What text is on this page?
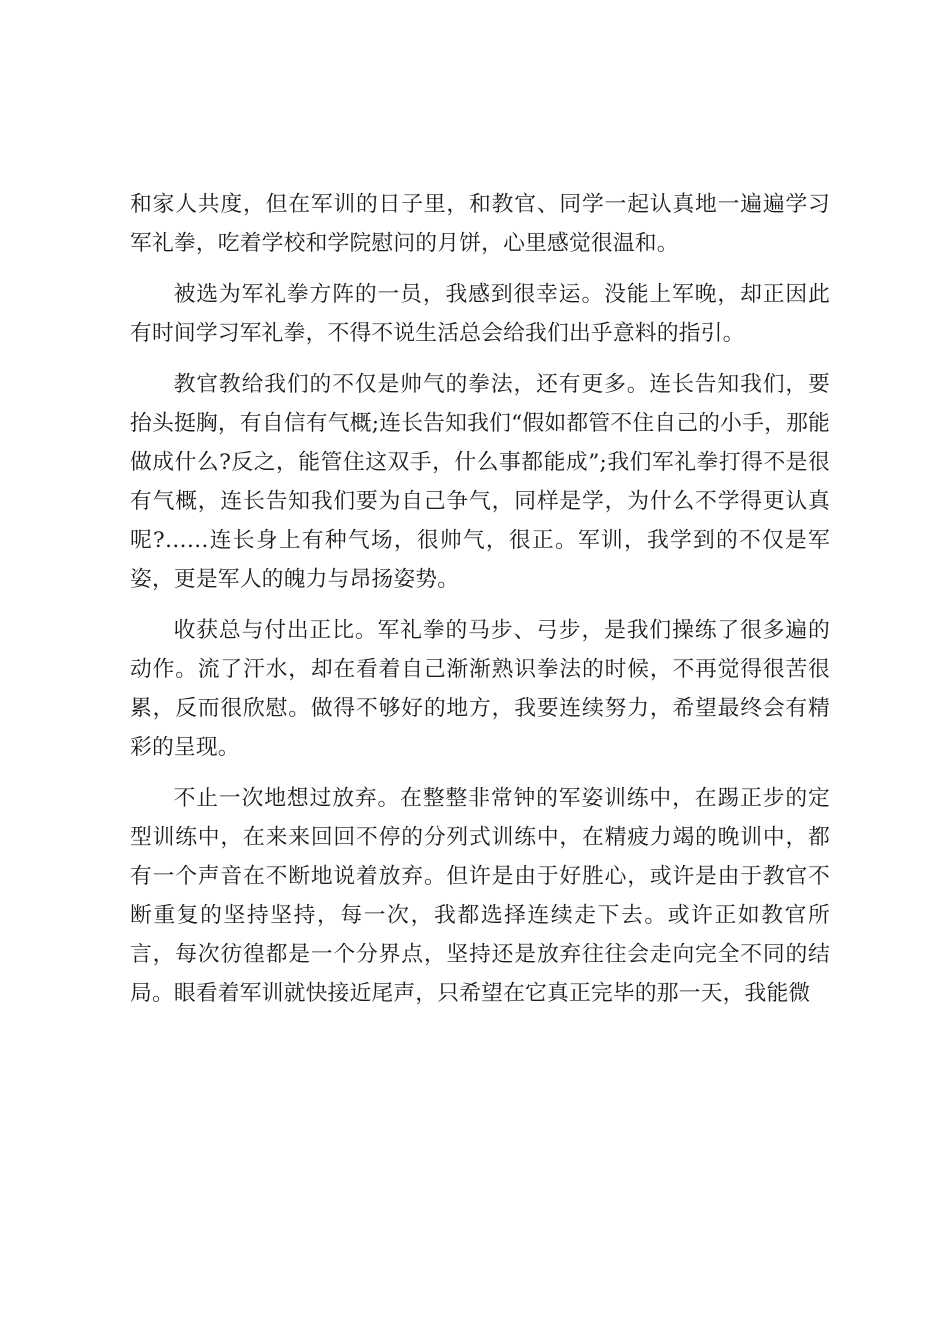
和家人共度，但在军训的日子里，和教官、同学一起认真地一遍遍学习军礼拳，吃着学校和学院慰问的月饼，心里感觉很温和。

被选为军礼拳方阵的一员，我感到很幸运。没能上军晚，却正因此有时间学习军礼拳，不得不说生活总会给我们出乎意料的指引。

教官教给我们的不仅是帅气的拳法，还有更多。连长告知我们，要抬头挺胸，有自信有气概;连长告知我们“假如都管不住自己的小手，那能做成什么?反之，能管住这双手，什么事都能成”;我们军礼拳打得不是很有气概，连长告知我们要为自己争气，同样是学，为什么不学得更认真呢?……连长身上有种气场，很帅气，很正。军训，我学到的不仅是军姿，更是军人的魄力与昂扬姿势。

收获总与付出正比。军礼拳的马步、弓步，是我们操练了很多遍的动作。流了汗水，却在看着自己渐渐熟识拳法的时候，不再觉得很苦很累，反而很欣慰。做得不够好的地方，我要连续努力，希望最终会有精彩的呈现。

不止一次地想过放弃。在整整非常钟的军姿训练中，在踢正步的定型训练中，在来来回回不停的分列式训练中，在精疲力竭的晚训中，都有一个声音在不断地说着放弃。但许是由于好胜心，或许是由于教官不断重复的坚持坚持，每一次，我都选择连续走下去。或许正如教官所言，每次彷徨都是一个分界点，坚持还是放弃往往会走向完全不同的结局。眼看着军训就快接近尾声，只希望在它真正完毕的那一天，我能微
